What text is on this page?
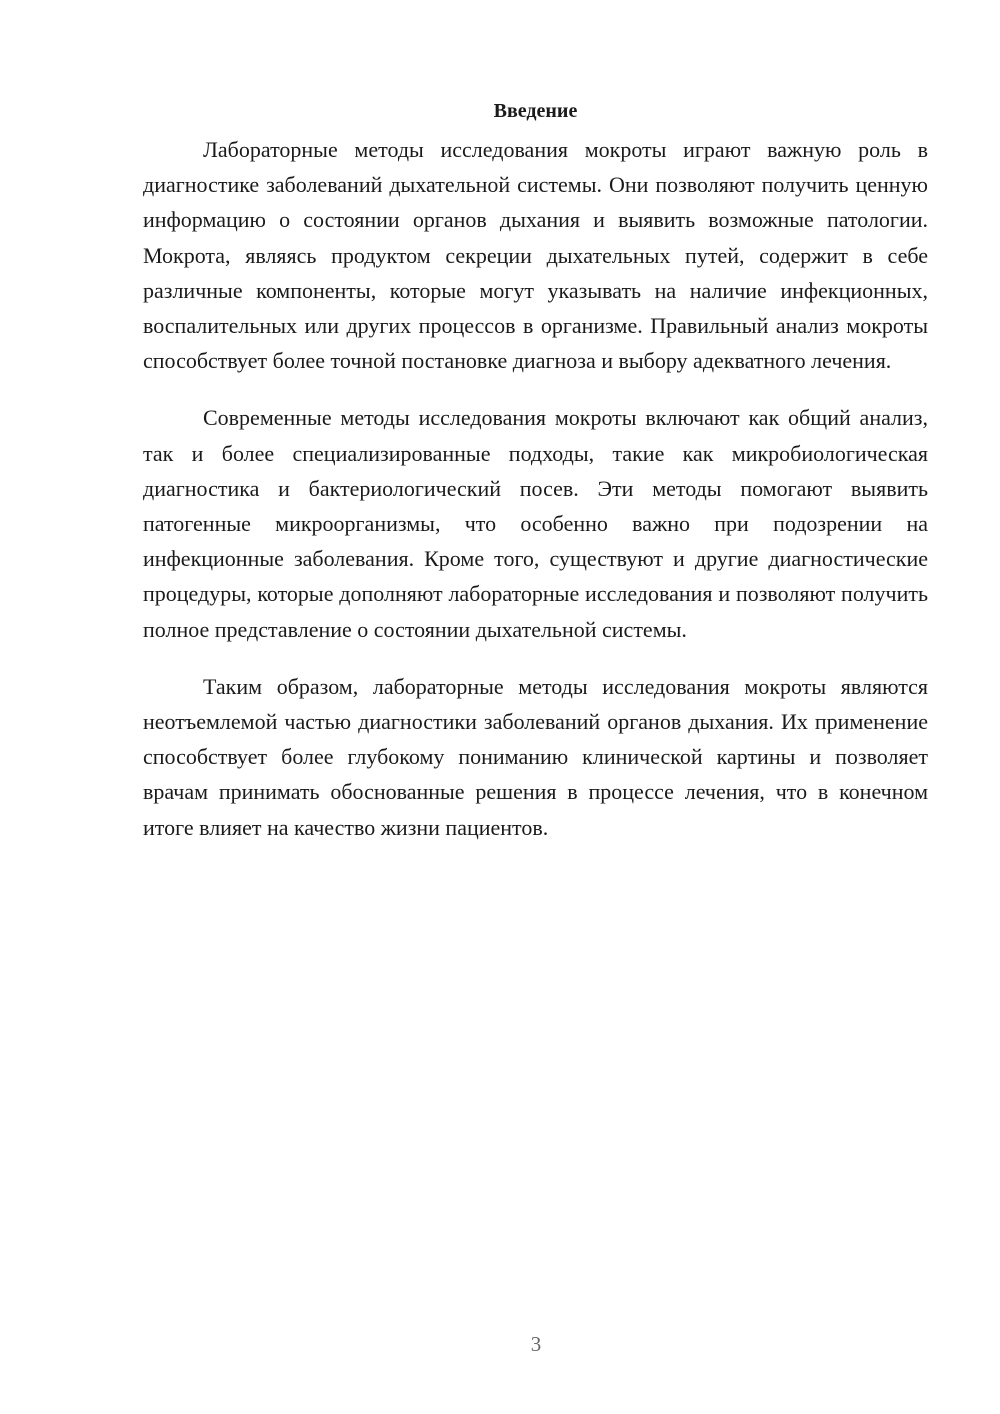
Введение

Лабораторные методы исследования мокроты играют важную роль в диагностике заболеваний дыхательной системы. Они позволяют получить ценную информацию о состоянии органов дыхания и выявить возможные патологии. Мокрота, являясь продуктом секреции дыхательных путей, содержит в себе различные компоненты, которые могут указывать на наличие инфекционных, воспалительных или других процессов в организме. Правильный анализ мокроты способствует более точной постановке диагноза и выбору адекватного лечения.

Современные методы исследования мокроты включают как общий анализ, так и более специализированные подходы, такие как микробиологическая диагностика и бактериологический посев. Эти методы помогают выявить патогенные микроорганизмы, что особенно важно при подозрении на инфекционные заболевания. Кроме того, существуют и другие диагностические процедуры, которые дополняют лабораторные исследования и позволяют получить полное представление о состоянии дыхательной системы.

Таким образом, лабораторные методы исследования мокроты являются неотъемлемой частью диагностики заболеваний органов дыхания. Их применение способствует более глубокому пониманию клинической картины и позволяет врачам принимать обоснованные решения в процессе лечения, что в конечном итоге влияет на качество жизни пациентов.

3
